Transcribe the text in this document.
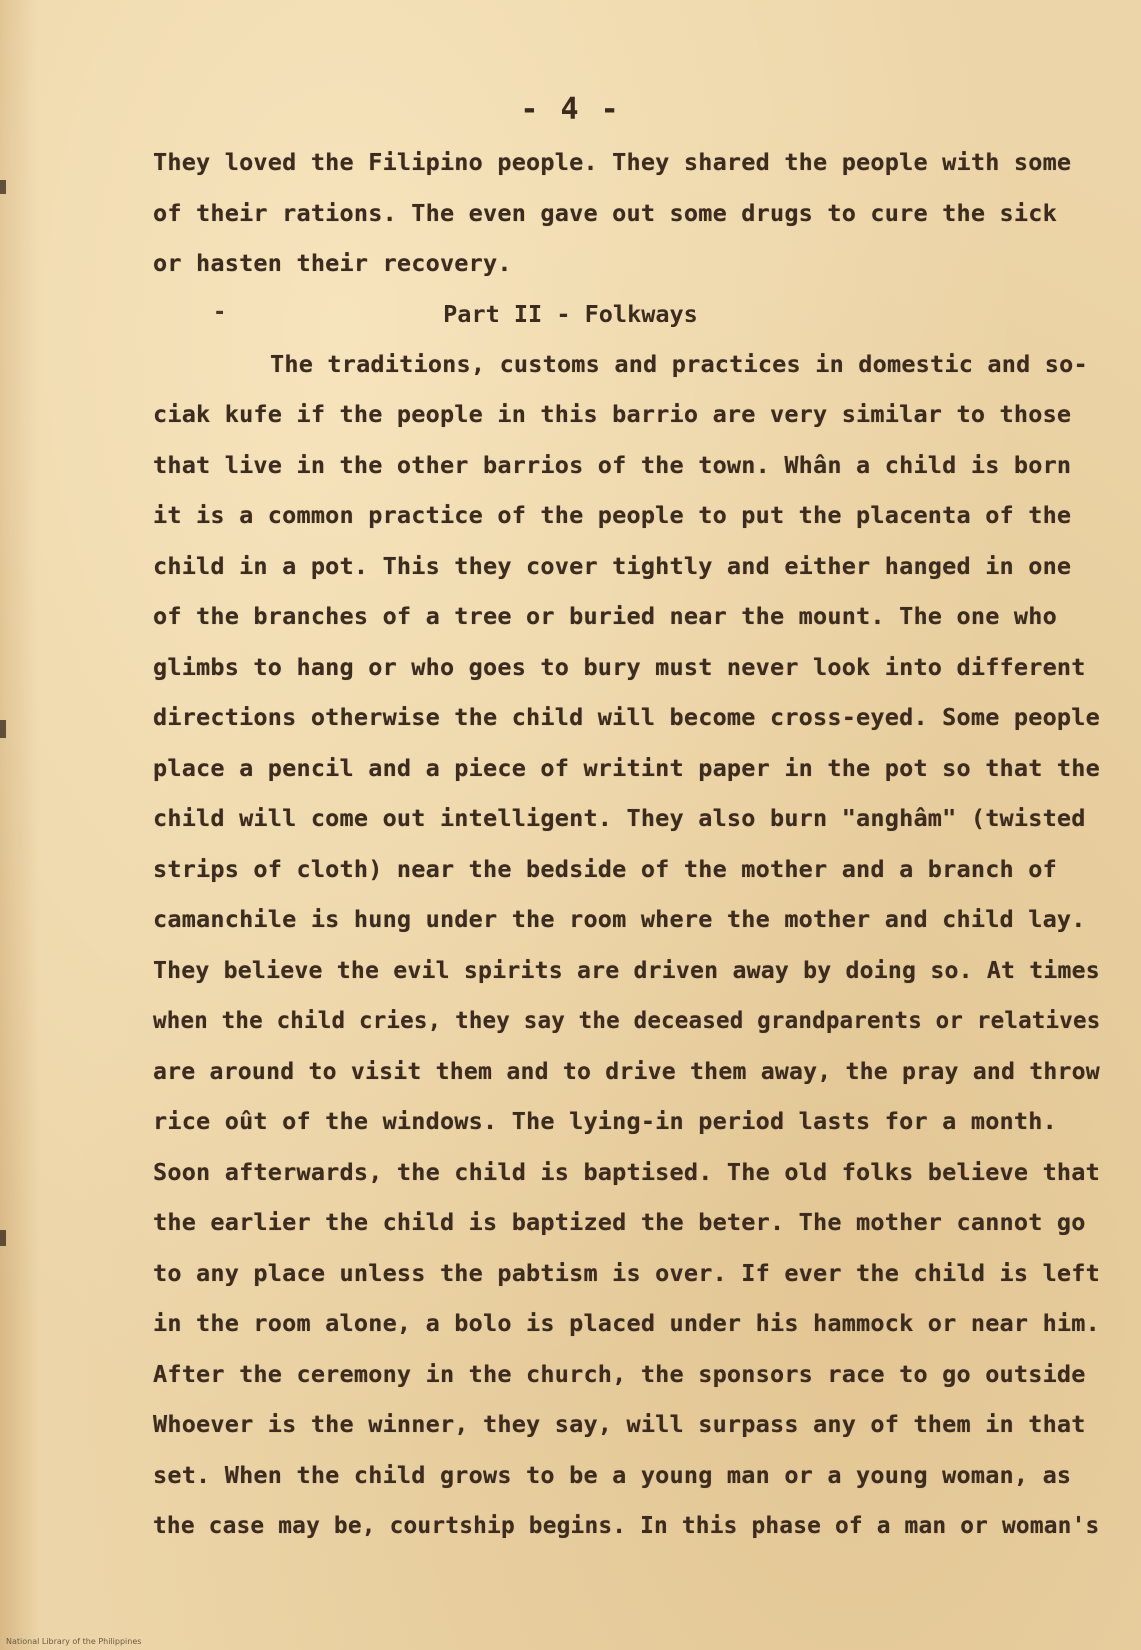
- 4 -
They loved the Filipino people. They shared the people with some
of their rations. The even gave out some drugs to cure the sick
or hasten their recovery.
-	Part II - Folkways
The traditions, customs and practices in domestic and so-
ciak kufe if the people in this barrio are very similar to those
that live in the other barrios of the town. Whân a child is born
it is a common practice of the people to put the placenta of the
child in a pot. This they cover tightly and either hanged in one
of the branches of a tree or buried near the mount. The one who
glimbs to hang or who goes to bury must never look into different
directions otherwise the child will become cross-eyed. Some people
place a pencil and a piece of writint paper in the pot so that the
child will come out intelligent. They also burn "anghâm" (twisted
strips of cloth) near the bedside of the mother and a branch of
camanchile is hung under the room where the mother and child lay.
They believe the evil spirits are driven away by doing so. At times
when the child cries, they say the deceased grandparents or relatives
are around to visit them and to drive them away, the pray and throw
rice oût of the windows. The lying-in period lasts for a month.
Soon afterwards, the child is baptised. The old folks believe that
the earlier the child is baptized the beter. The mother cannot go
to any place unless the pabtism is over. If ever the child is left
in the room alone, a bolo is placed under his hammock or near him.
After the ceremony in the church, the sponsors race to go outside
Whoever is the winner, they say, will surpass any of them in that
set. When the child grows to be a young man or a young woman, as
the case may be, courtship begins. In this phase of a man or woman's
National Library of the Philippines
